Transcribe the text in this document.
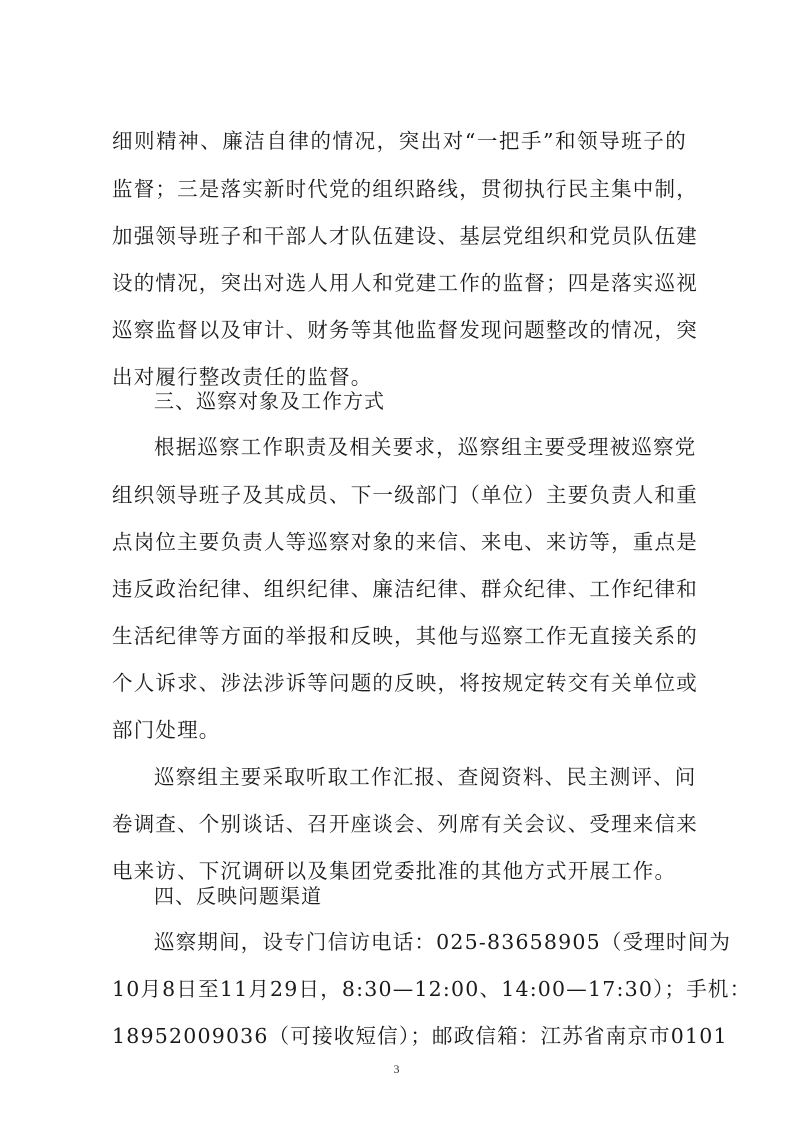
细则精神、廉洁自律的情况，突出对“一把手”和领导班子的
监督；三是落实新时代党的组织路线，贯彻执行民主集中制，
加强领导班子和干部人才队伍建设、基层党组织和党员队伍建
设的情况，突出对选人用人和党建工作的监督；四是落实巡视
巡察监督以及审计、财务等其他监督发现问题整改的情况，突
出对履行整改责任的监督。
三、巡察对象及工作方式
根据巡察工作职责及相关要求，巡察组主要受理被巡察党
组织领导班子及其成员、下一级部门（单位）主要负责人和重
点岗位主要负责人等巡察对象的来信、来电、来访等，重点是
违反政治纪律、组织纪律、廉洁纪律、群众纪律、工作纪律和
生活纪律等方面的举报和反映，其他与巡察工作无直接关系的
个人诉求、涉法涉诉等问题的反映，将按规定转交有关单位或
部门处理。
巡察组主要采取听取工作汇报、查阅资料、民主测评、问
卷调查、个别谈话、召开座谈会、列席有关会议、受理来信来
电来访、下沉调研以及集团党委批准的其他方式开展工作。
四、反映问题渠道
巡察期间，设专门信访电话：025-83658905（受理时间为
10月8日至11月29日，8:30—12:00、14:00—17:30）；手机：
18952009036（可接收短信）；邮政信箱：江苏省南京市0101
3
